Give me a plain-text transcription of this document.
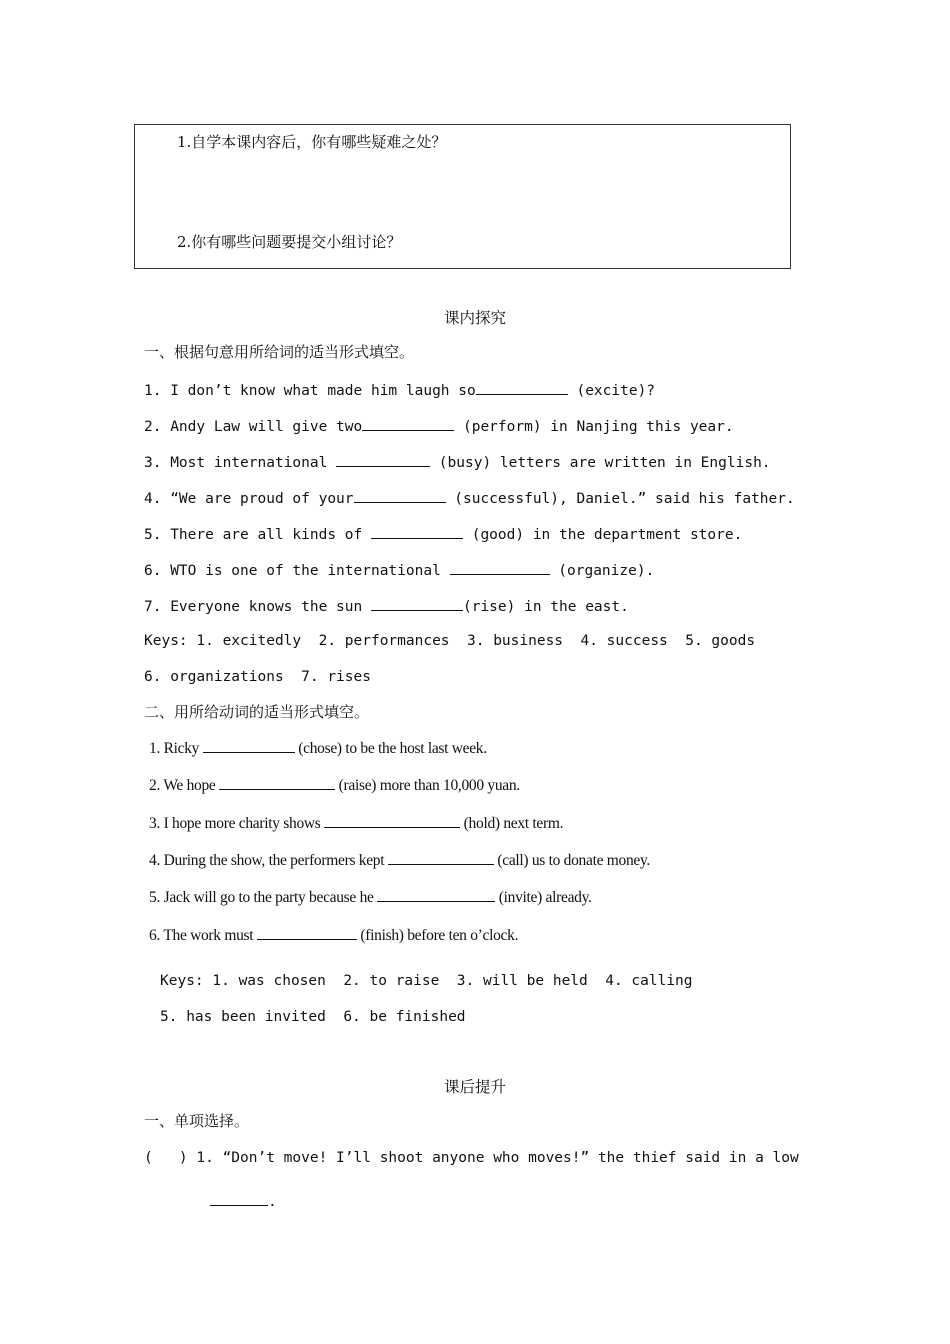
1.自学本课内容后，你有哪些疑难之处？
2.你有哪些问题要提交小组讨论？
课内探究
一、根据句意用所给词的适当形式填空。
1. I don’t know what made him laugh so	(excite)?
2. Andy Law will give two	(perform) in Nanjing this year.
3. Most international	(busy) letters are written in English.
4. “We are proud of your	(successful), Daniel.” said his father.
5. There are all kinds of	(good) in the department store.
6. WTO is one of the international	(organize).
7. Everyone knows the sun	(rise) in the east.
Keys: 1. excitedly  2. performances  3. business  4. success  5. goods
6. organizations  7. rises
二、用所给动词的适当形式填空。
1. Ricky	(chose) to be the host last week.
2. We hope	(raise) more than 10,000 yuan.
3. I hope more charity shows	(hold) next term.
4. During the show, the performers kept	(call) us to donate money.
5. Jack will go to the party because he	(invite) already.
6. The work must	(finish) before ten o’clock.
Keys: 1. was chosen  2. to raise  3. will be held  4. calling
5. has been invited  6. be finished
课后提升
一、单项选择。
(   ) 1. “Don’t move! I’ll shoot anyone who moves!” the thief said in a low
.
